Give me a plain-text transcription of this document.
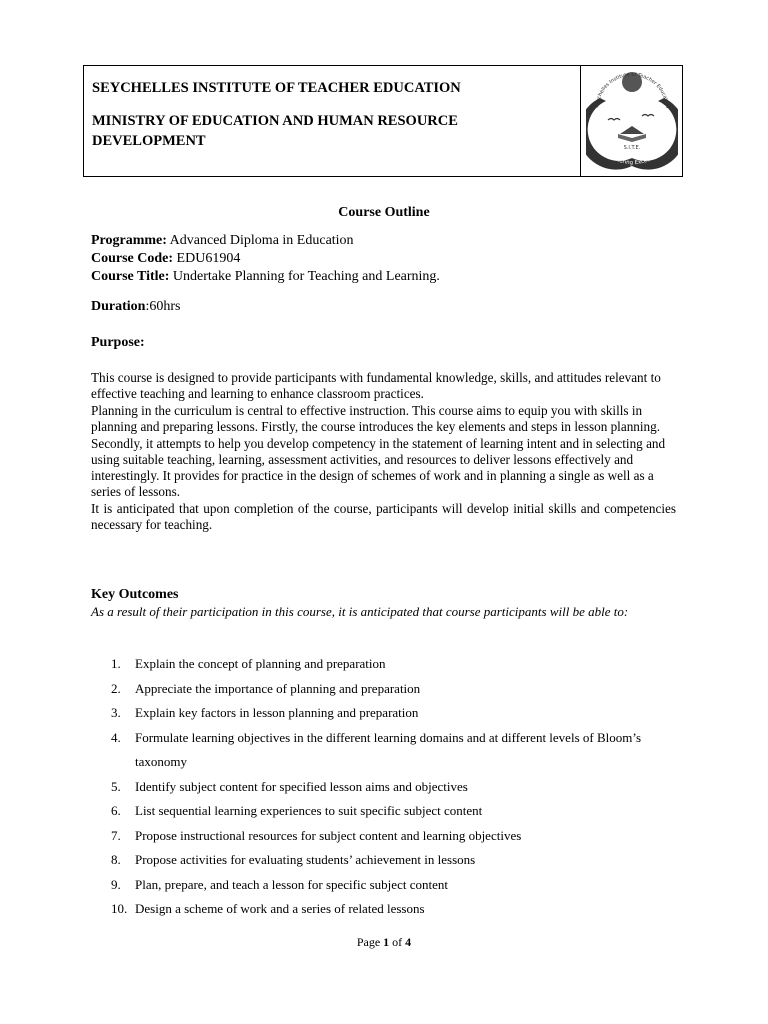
SEYCHELLES INSTITUTE OF TEACHER EDUCATION
MINISTRY OF EDUCATION AND HUMAN RESOURCE
DEVELOPMENT
Seychelles Institute of Teacher Education
S.I.T.E.
Fostering Excellence
Course Outline
Programme: Advanced Diploma in Education
Course Code: EDU61904
Course Title: Undertake Planning for Teaching and Learning.
Duration:60hrs
Purpose:
This course is designed to provide participants with fundamental knowledge, skills, and attitudes relevant to effective teaching and learning to enhance classroom practices.
Planning in the curriculum is central to effective instruction. This course aims to equip you with skills in planning and preparing lessons. Firstly, the course introduces the key elements and steps in lesson planning. Secondly, it attempts to help you develop competency in the statement of learning intent and in selecting and using suitable teaching, learning, assessment activities, and resources to deliver lessons effectively and interestingly. It provides for practice in the design of schemes of work and in planning a single as well as a series of lessons.
It is anticipated that upon completion of the course, participants will develop initial skills and competencies necessary for teaching.
Key Outcomes
As a result of their participation in this course, it is anticipated that course participants will be able to:
1. Explain the concept of planning and preparation
2. Appreciate the importance of planning and preparation
3. Explain key factors in lesson planning and preparation
4. Formulate learning objectives in the different learning domains and at different levels of Bloom’s taxonomy
5. Identify subject content for specified lesson aims and objectives
6. List sequential learning experiences to suit specific subject content
7. Propose instructional resources for subject content and learning objectives
8. Propose activities for evaluating students’ achievement in lessons
9. Plan, prepare, and teach a lesson for specific subject content
10. Design a scheme of work and a series of related lessons
Page 1 of 4
